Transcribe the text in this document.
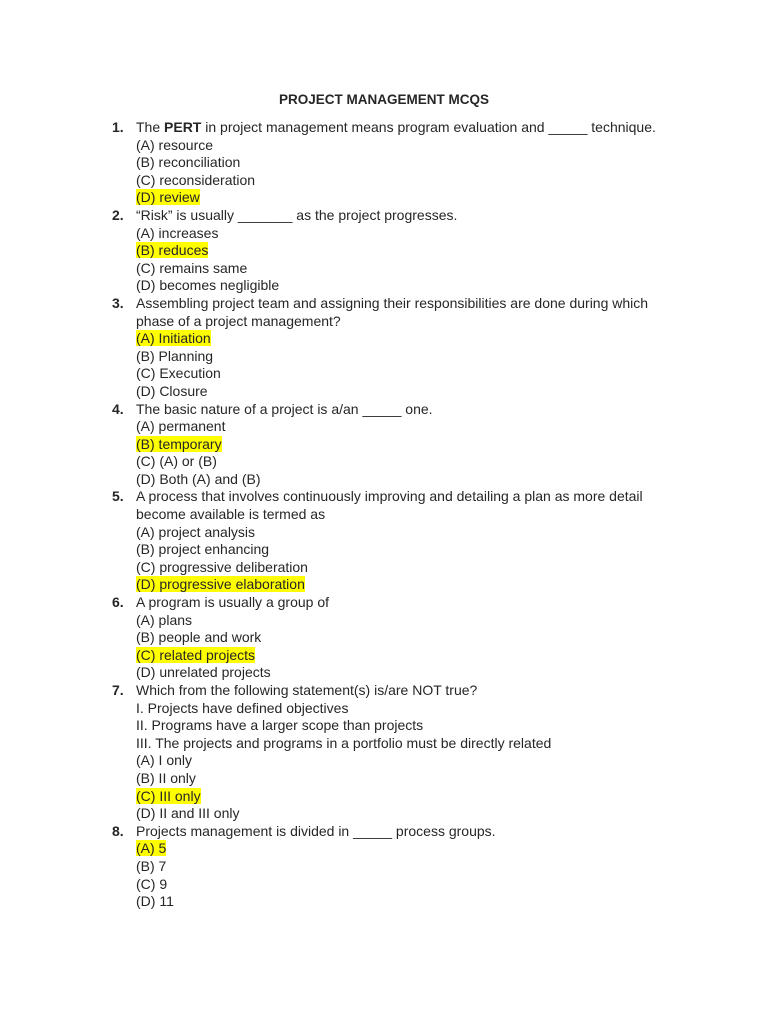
PROJECT MANAGEMENT MCQS
1. The PERT in project management means program evaluation and _____ technique.
(A) resource
(B) reconciliation
(C) reconsideration
(D) review
2. “Risk” is usually _______ as the project progresses.
(A) increases
(B) reduces
(C) remains same
(D) becomes negligible
3. Assembling project team and assigning their responsibilities are done during which
phase of a project management?
(A) Initiation
(B) Planning
(C) Execution
(D) Closure
4. The basic nature of a project is a/an _____ one.
(A) permanent
(B) temporary
(C) (A) or (B)
(D) Both (A) and (B)
5. A process that involves continuously improving and detailing a plan as more detail
become available is termed as
(A) project analysis
(B) project enhancing
(C) progressive deliberation
(D) progressive elaboration
6. A program is usually a group of
(A) plans
(B) people and work
(C) related projects
(D) unrelated projects
7. Which from the following statement(s) is/are NOT true?
I. Projects have defined objectives
II. Programs have a larger scope than projects
III. The projects and programs in a portfolio must be directly related
(A) I only
(B) II only
(C) III only
(D) II and III only
8. Projects management is divided in _____ process groups.
(A) 5
(B) 7
(C) 9
(D) 11
